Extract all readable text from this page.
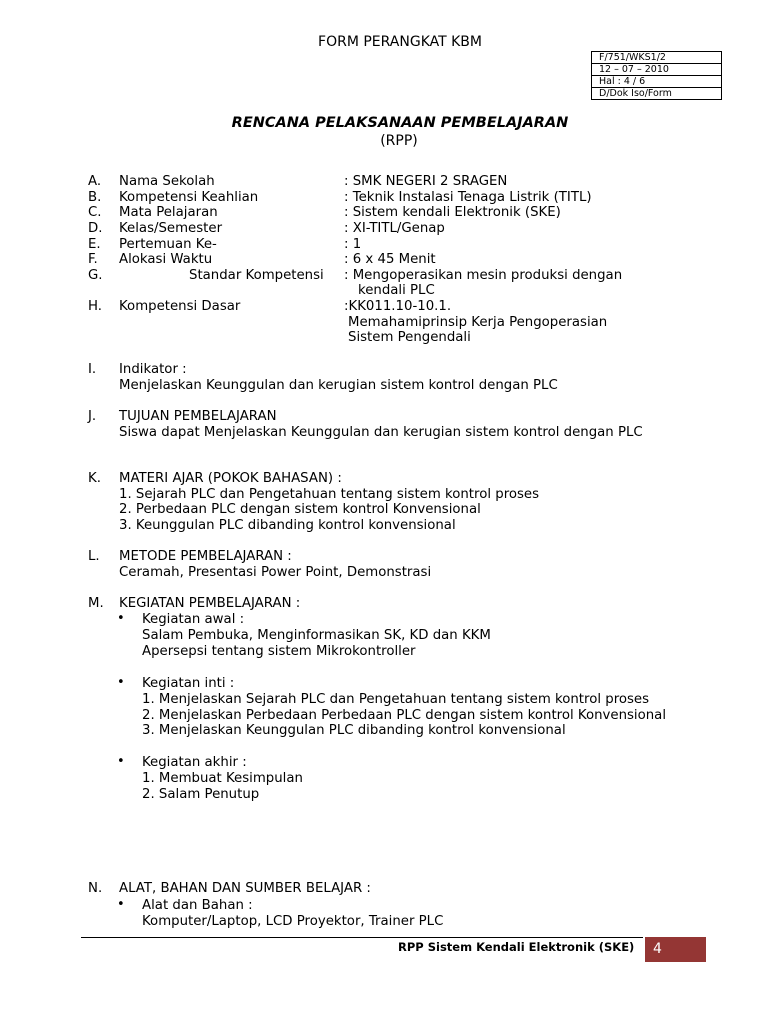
FORM PERANGKAT KBM
F/751/WKS1/2
12 – 07 – 2010
Hal : 4 / 6
D/Dok Iso/Form
RENCANA PELAKSANAAN PEMBELAJARAN
(RPP)
A. Nama Sekolah	: SMK NEGERI 2 SRAGEN
B. Kompetensi Keahlian	: Teknik Instalasi Tenaga Listrik (TITL)
C. Mata Pelajaran	: Sistem kendali Elektronik (SKE)
D. Kelas/Semester	: XI-TITL/Genap
E. Pertemuan Ke-	: 1
F. Alokasi Waktu	: 6 x 45 Menit
G.	Standar Kompetensi : Mengoperasikan mesin produksi dengan
kendali PLC
H. Kompetensi Dasar	:KK011.10-10.1.
Memahamiprinsip Kerja Pengoperasian
Sistem Pengendali
I. Indikator :
Menjelaskan Keunggulan dan kerugian sistem kontrol dengan PLC
J. TUJUAN PEMBELAJARAN
Siswa dapat Menjelaskan Keunggulan dan kerugian sistem kontrol dengan PLC
K. MATERI AJAR (POKOK BAHASAN) :
1. Sejarah PLC dan Pengetahuan tentang sistem kontrol proses
2. Perbedaan PLC dengan sistem kontrol Konvensional
3. Keunggulan PLC dibanding kontrol konvensional
L. METODE PEMBELAJARAN :
Ceramah, Presentasi Power Point, Demonstrasi
M. KEGIATAN PEMBELAJARAN :
• Kegiatan awal :
Salam Pembuka, Menginformasikan SK, KD dan KKM
Apersepsi tentang sistem Mikrokontroller
• Kegiatan inti :
1. Menjelaskan Sejarah PLC dan Pengetahuan tentang sistem kontrol proses
2. Menjelaskan Perbedaan Perbedaan PLC dengan sistem kontrol Konvensional
3. Menjelaskan Keunggulan PLC dibanding kontrol konvensional
• Kegiatan akhir :
1. Membuat Kesimpulan
2. Salam Penutup
N. ALAT, BAHAN DAN SUMBER BELAJAR :
• Alat dan Bahan :
Komputer/Laptop, LCD Proyektor, Trainer PLC
RPP Sistem Kendali Elektronik (SKE)	4
